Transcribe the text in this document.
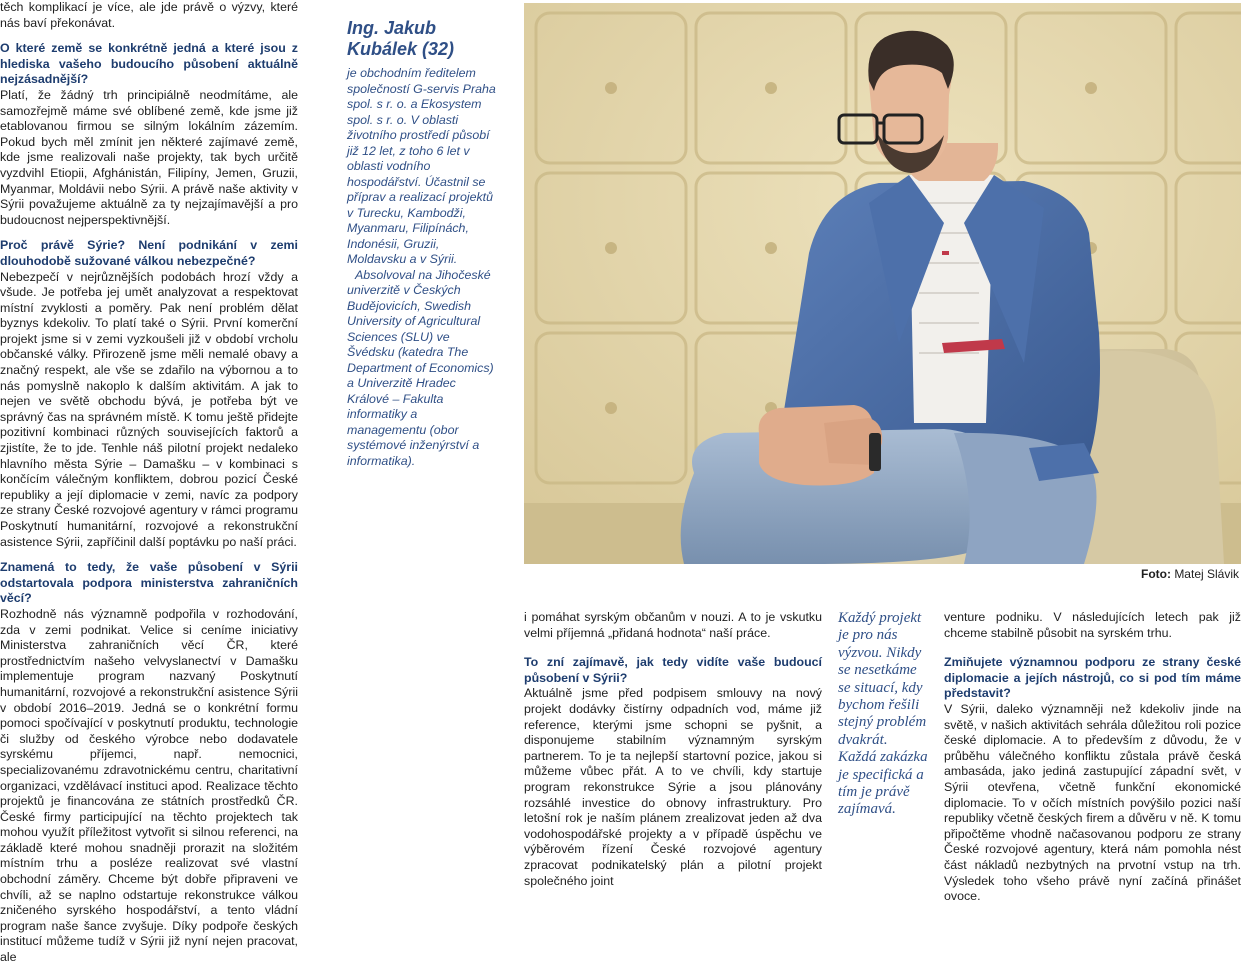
těch komplikací je více, ale jde právě o výzvy, které nás baví překonávat.

O které země se konkrétně jedná a které jsou z hlediska vašeho budoucího působení aktuálně nejzásadnější?

Platí, že žádný trh principiálně neodmítáme, ale samozřejmě máme své oblíbené země, kde jsme již etablovanou firmou se silným lokálním zázemím. Pokud bych měl zmínit jen některé zajímavé země, kde jsme realizovali naše projekty, tak bych určitě vyzdvihl Etiopii, Afghánistán, Filipíny, Jemen, Gruzii, Myanmar, Moldávii nebo Sýrii. A právě naše aktivity v Sýrii považujeme aktuálně za ty nejzajímavější a pro budoucnost nejperspektivnější.

Proč právě Sýrie? Není podnikání v zemi dlouhodobě sužované válkou nebezpečné?

Nebezpečí v nejrůznějších podobách hrozí vždy a všude. Je potřeba jej umět analyzovat a respektovat místní zvyklosti a poměry. Pak není problém dělat byznys kdekoliv. To platí také o Sýrii. První komerční projekt jsme si v zemi vyzkoušeli již v období vrcholu občanské války. Přirozeně jsme měli nemalé obavy a značný respekt, ale vše se zdařilo na výbornou a to nás pomyslně nakoplo k dalším aktivitám. A jak to nejen ve světě obchodu bývá, je potřeba být ve správný čas na správném místě. K tomu ještě přidejte pozitivní kombinaci různých souvisejících faktorů a zjistíte, že to jde. Tenhle náš pilotní projekt nedaleko hlavního města Sýrie – Damašku – v kombinaci s končícím válečným konfliktem, dobrou pozicí České republiky a její diplomacie v zemi, navíc za podpory ze strany České rozvojové agentury v rámci programu Poskytnutí humanitární, rozvojové a rekonstrukční asistence Sýrii, zapříčinil další poptávku po naší práci.

Znamená to tedy, že vaše působení v Sýrii odstartovala podpora ministerstva zahraničních věcí?

Rozhodně nás významně podpořila v rozhodování, zda v zemi podnikat. Velice si ceníme iniciativy Ministerstva zahraničních věcí ČR, které prostřednictvím našeho velvyslanectví v Damašku implementuje program nazvaný Poskytnutí humanitární, rozvojové a rekonstrukční asistence Sýrii v období 2016–2019. Jedná se o konkrétní formu pomoci spočívající v poskytnutí produktu, technologie či služby od českého výrobce nebo dodavatele syrskému příjemci, např. nemocnici, specializovanému zdravotnickému centru, charitativní organizaci, vzdělávací instituci apod. Realizace těchto projektů je financována ze státních prostředků ČR. České firmy participující na těchto projektech tak mohou využít příležitost vytvořit si silnou referenci, na základě které mohou snadněji prorazit na složitém místním trhu a posléze realizovat své vlastní obchodní záměry. Chceme být dobře připraveni ve chvíli, až se naplno odstartuje rekonstrukce válkou zničeného syrského hospodářství, a tento vládní program naše šance zvyšuje. Díky podpoře českých institucí můžeme tudíž v Sýrii již nyní nejen pracovat, ale

Ing. Jakub
Kubálek (32)

je obchodním ředitelem společností G-servis Praha spol. s r. o. a Ekosystem spol. s r. o. V oblasti životního prostředí působí již 12 let, z toho 6 let v oblasti vodního hospodářství. Účastnil se příprav a realizací projektů v Turecku, Kambodži, Myanmaru, Filipínách, Indonésii, Gruzii, Moldavsku a v Sýrii.

Absolvoval na Jihočeské univerzitě v Českých Budějovicích, Swedish University of Agricultural Sciences (SLU) ve Švédsku (katedra The Department of Economics) a Univerzitě Hradec Králové – Fakulta informatiky a managementu (obor systémové inženýrství a informatika).

Foto: Matej Slávik

i pomáhat syrským občanům v nouzi. A to je vskutku velmi příjemná „přidaná hodnota“ naší práce.

To zní zajímavě, jak tedy vidíte vaše budoucí působení v Sýrii?

Aktuálně jsme před podpisem smlouvy na nový projekt dodávky čistírny odpadních vod, máme již reference, kterými jsme schopni se pyšnit, a disponujeme stabilním významným syrským partnerem. To je ta nejlepší startovní pozice, jakou si můžeme vůbec přát. A to ve chvíli, kdy startuje program rekonstrukce Sýrie a jsou plánovány rozsáhlé investice do obnovy infrastruktury. Pro letošní rok je naším plánem zrealizovat jeden až dva vodohospodářské projekty a v případě úspěchu ve výběrovém řízení České rozvojové agentury zpracovat podnikatelský plán a pilotní projekt společného joint

Každý projekt je pro nás výzvou. Nikdy se nesetkáme se situací, kdy bychom řešili stejný problém dvakrát. Každá zakázka je specifická a tím je právě zajímavá.

venture podniku. V následujících letech pak již chceme stabilně působit na syrském trhu.

Zmiňujete významnou podporu ze strany české diplomacie a jejích nástrojů, co si pod tím máme představit?

V Sýrii, daleko významněji než kdekoliv jinde na světě, v našich aktivitách sehrála důležitou roli pozice české diplomacie. A to především z důvodu, že v průběhu válečného konfliktu zůstala právě česká ambasáda, jako jediná zastupující západní svět, v Sýrii otevřena, včetně funkční ekonomické diplomacie. To v očích místních povýšilo pozici naší republiky včetně českých firem a důvěru v ně. K tomu připočtěme vhodně načasovanou podporu ze strany České rozvojové agentury, která nám pomohla nést část nákladů nezbytných na prvotní vstup na trh. Výsledek toho všeho právě nyní začíná přinášet ovoce.
